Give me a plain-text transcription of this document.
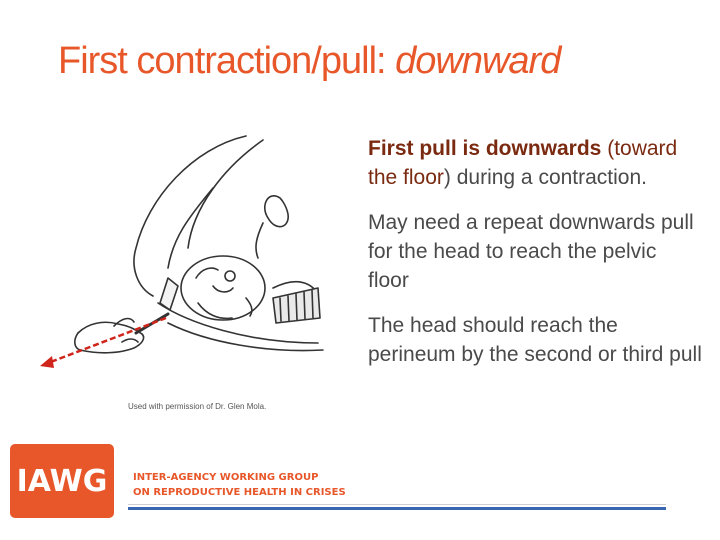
First contraction/pull: downward
Used with permission of Dr. Glen Mola.

First pull is downwards (toward the floor) during a contraction.

May need a repeat downwards pull for the head to reach the pelvic floor

The head should reach the perineum by the second or third pull

IAWG	INTER-AGENCY WORKING GROUP
ON REPRODUCTIVE HEALTH IN CRISES
